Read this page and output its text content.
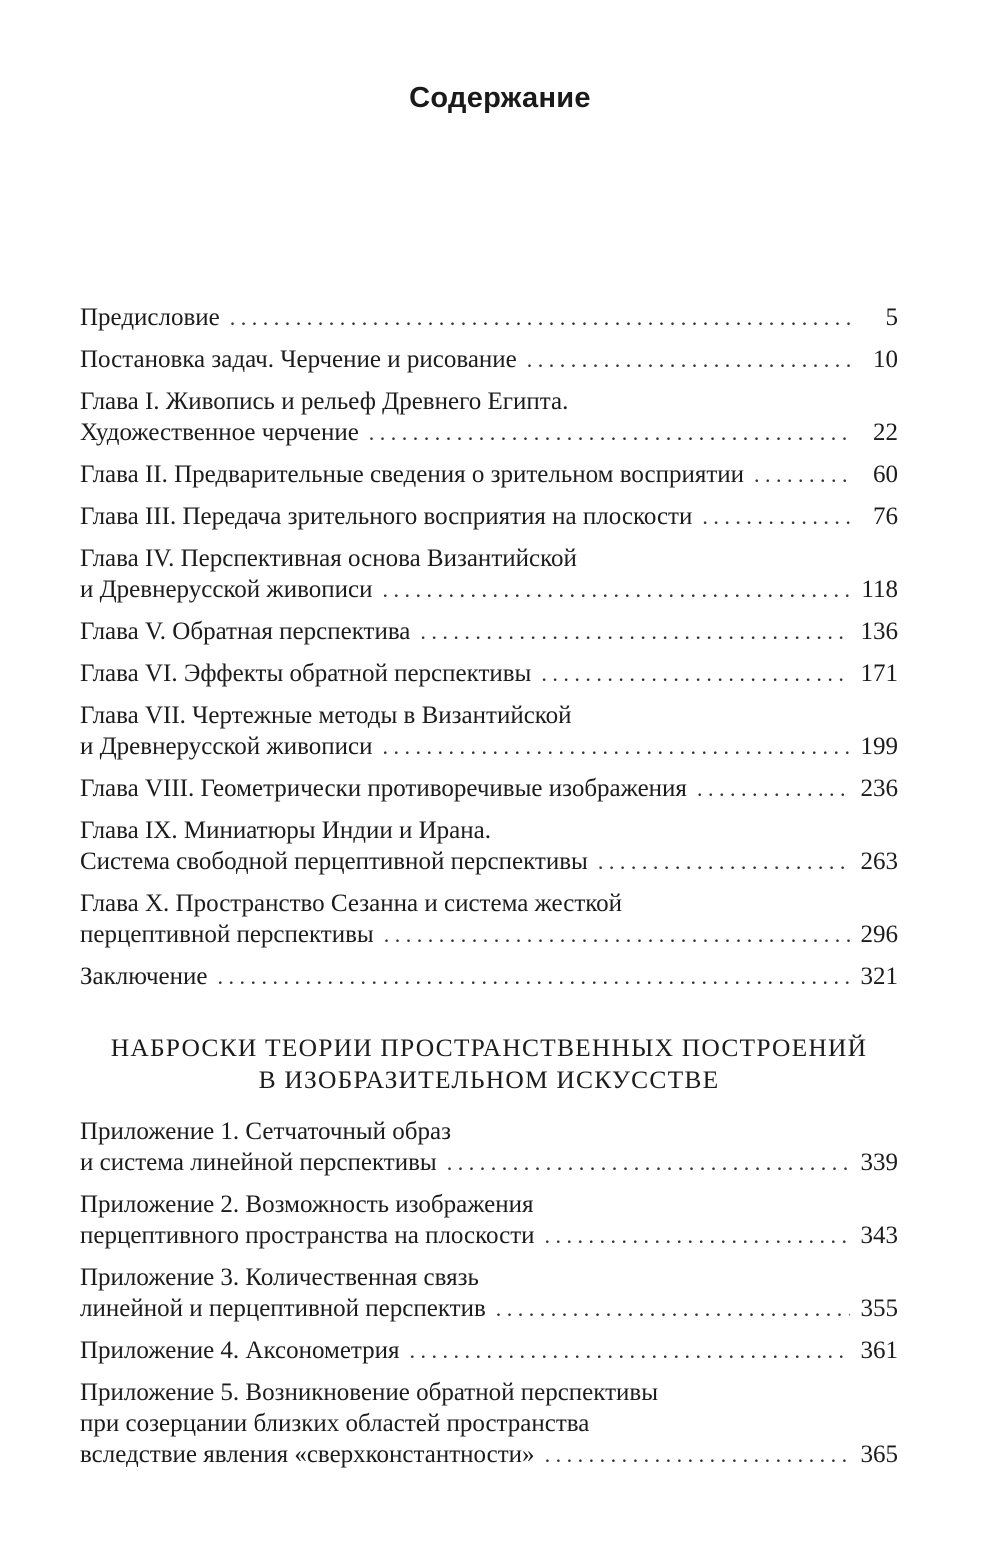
Содержание
Предисловие . . .	5
Постановка задач. Черчение и рисование . . .	10
Глава I. Живопись и рельеф Древнего Египта.
Художественное черчение . . .	22
Глава II. Предварительные сведения о зрительном восприятии . . .	60
Глава III. Передача зрительного восприятия на плоскости . . .	76
Глава IV. Перспективная основа Византийской
и Древнерусской живописи . . .	118
Глава V. Обратная перспектива . . .	136
Глава VI. Эффекты обратной перспективы . . .	171
Глава VII. Чертежные методы в Византийской
и Древнерусской живописи . . .	199
Глава VIII. Геометрически противоречивые изображения . . .	236
Глава IX. Миниатюры Индии и Ирана.
Система свободной перцептивной перспективы . . .	263
Глава X. Пространство Сезанна и система жесткой
перцептивной перспективы . . .	296
Заключение . . .	321
НАБРОСКИ ТЕОРИИ ПРОСТРАНСТВЕННЫХ ПОСТРОЕНИЙ
В ИЗОБРАЗИТЕЛЬНОМ ИСКУССТВЕ
Приложение 1. Сетчаточный образ
и система линейной перспективы . . .	339
Приложение 2. Возможность изображения
перцептивного пространства на плоскости . . .	343
Приложение 3. Количественная связь
линейной и перцептивной перспектив . . .	355
Приложение 4. Аксонометрия . . .	361
Приложение 5. Возникновение обратной перспективы
при созерцании близких областей пространства
вследствие явления «сверхконстантности» . . .	365
